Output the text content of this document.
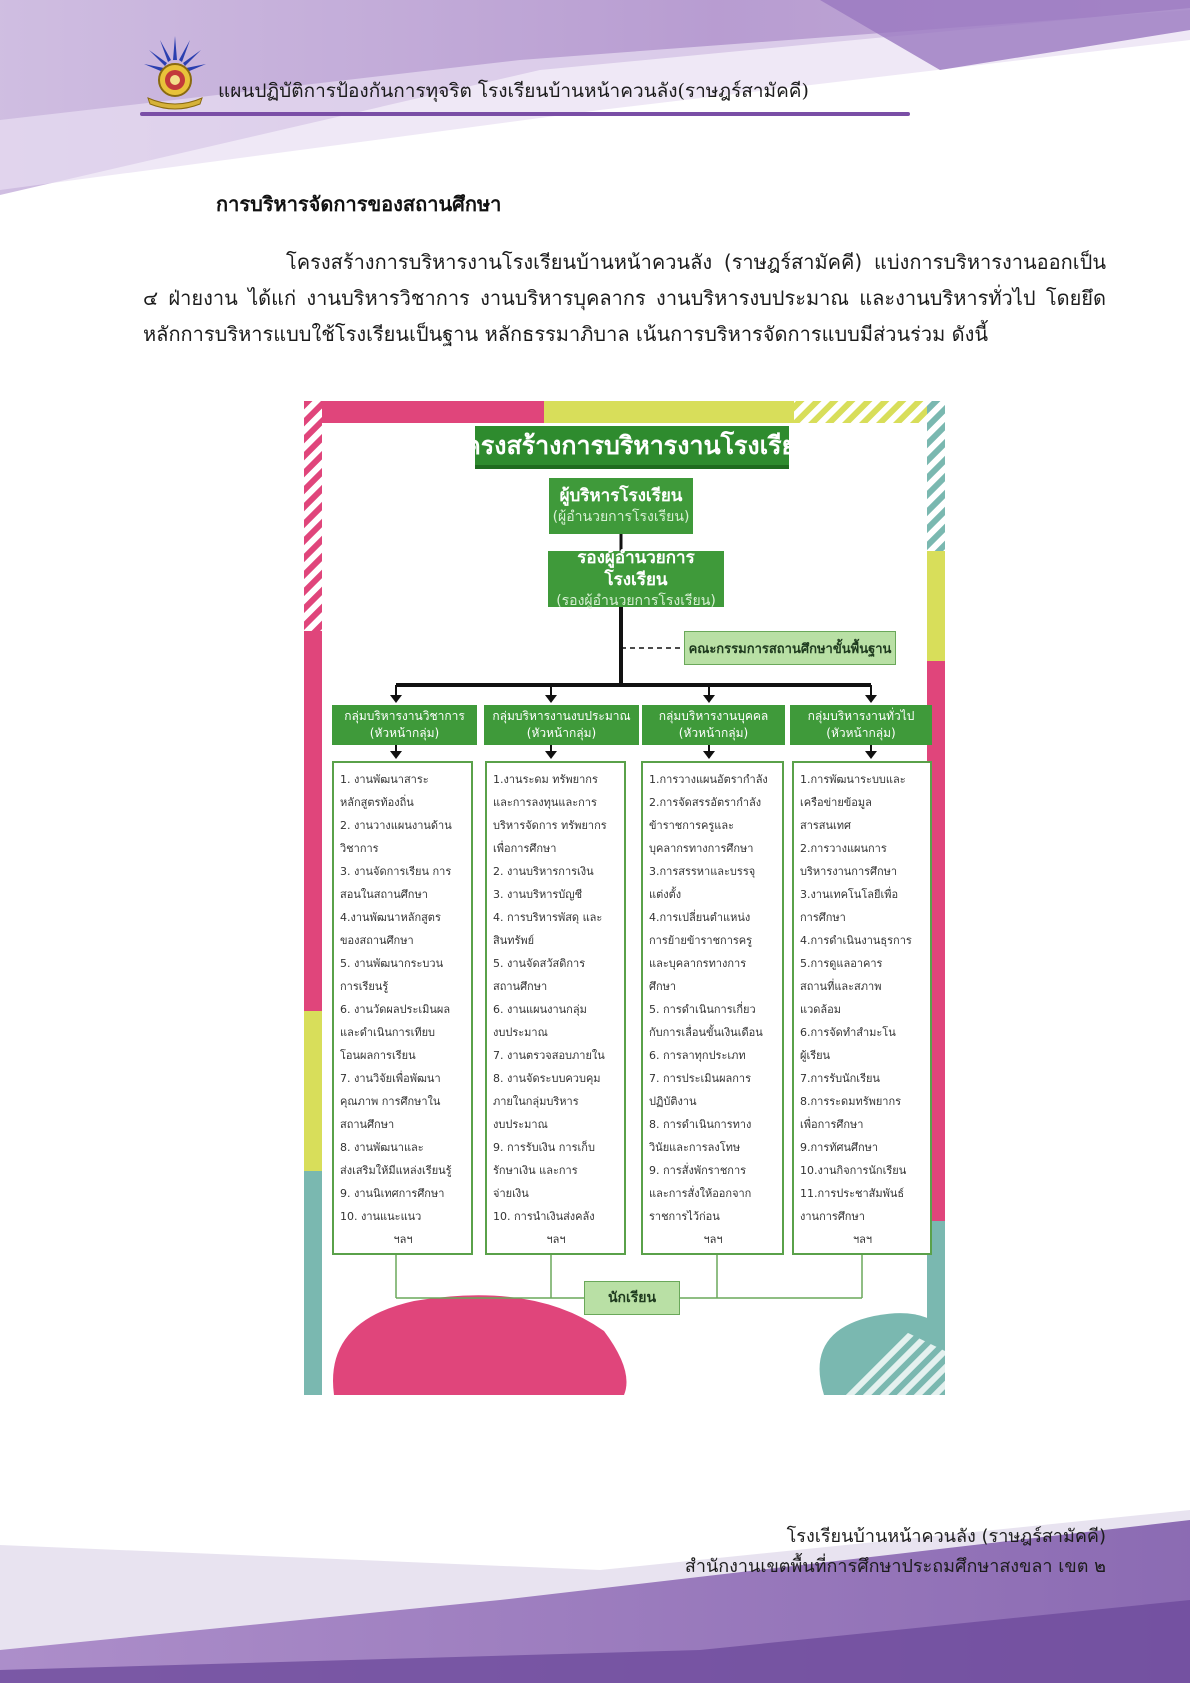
แผนปฏิบัติการป้องกันการทุจริต โรงเรียนบ้านหน้าควนลัง(ราษฎร์สามัคคี)
การบริหารจัดการของสถานศึกษา
โครงสร้างการบริหารงานโรงเรียนบ้านหน้าควนลัง (ราษฎร์สามัคคี) แบ่งการบริหารงานออกเป็น ๔ ฝ่ายงาน ได้แก่ งานบริหารวิชาการ งานบริหารบุคลากร งานบริหารงบประมาณ และงานบริหารทั่วไป โดยยึดหลักการบริหารแบบใช้โรงเรียนเป็นฐาน หลักธรรมาภิบาล เน้นการบริหารจัดการแบบมีส่วนร่วม ดังนี้
โครงสร้างการบริหารงานโรงเรียน
ผู้บริหารโรงเรียน
(ผู้อำนวยการโรงเรียน)
รองผู้อำนวยการโรงเรียน
(รองผู้อำนวยการโรงเรียน)
คณะกรรมการสถานศึกษาขั้นพื้นฐาน
กลุ่มบริหารงานวิชาการ
(หัวหน้ากลุ่ม)
กลุ่มบริหารงานงบประมาณ
(หัวหน้ากลุ่ม)
กลุ่มบริหารงานบุคคล
(หัวหน้ากลุ่ม)
กลุ่มบริหารงานทั่วไป
(หัวหน้ากลุ่ม)
1. งานพัฒนาสาระ
หลักสูตรท้องถิ่น
2. งานวางแผนงานด้าน
วิชาการ
3. งานจัดการเรียน การ
สอนในสถานศึกษา
4.งานพัฒนาหลักสูตร
ของสถานศึกษา
5. งานพัฒนากระบวน
การเรียนรู้
6. งานวัดผลประเมินผล
และดำเนินการเทียบ
โอนผลการเรียน
7. งานวิจัยเพื่อพัฒนา
คุณภาพ การศึกษาใน
สถานศึกษา
8. งานพัฒนาและ
ส่งเสริมให้มีแหล่งเรียนรู้
9. งานนิเทศการศึกษา
10. งานแนะแนว
ฯลฯ
1.งานระดม ทรัพยากร
และการลงทุนและการ
บริหารจัดการ ทรัพยากร
เพื่อการศึกษา
2. งานบริหารการเงิน
3. งานบริหารบัญชี
4. การบริหารพัสดุ และ
สินทรัพย์
5. งานจัดสวัสดิการ
สถานศึกษา
6. งานแผนงานกลุ่ม
งบประมาณ
7. งานตรวจสอบภายใน
8. งานจัดระบบควบคุม
ภายในกลุ่มบริหาร
งบประมาณ
9. การรับเงิน การเก็บ
รักษาเงิน และการ
จ่ายเงิน
10. การนำเงินส่งคลัง
ฯลฯ
1.การวางแผนอัตรากำลัง
2.การจัดสรรอัตรากำลัง
ข้าราชการครูและ
บุคลากรทางการศึกษา
3.การสรรหาและบรรจุ
แต่งตั้ง
4.การเปลี่ยนตำแหน่ง
การย้ายข้าราชการครู
และบุคลากรทางการ
ศึกษา
5. การดำเนินการเกี่ยว
กับการเลื่อนขั้นเงินเดือน
6. การลาทุกประเภท
7. การประเมินผลการ
ปฏิบัติงาน
8. การดำเนินการทาง
วินัยและการลงโทษ
9. การสั่งพักราชการ
และการสั่งให้ออกจาก
ราชการไว้ก่อน
ฯลฯ
1.การพัฒนาระบบและ
เครือข่ายข้อมูล
สารสนเทศ
2.การวางแผนการ
บริหารงานการศึกษา
3.งานเทคโนโลยีเพื่อ
การศึกษา
4.การดำเนินงานธุรการ
5.การดูแลอาคาร
สถานที่และสภาพ
แวดล้อม
6.การจัดทำสำมะโน
ผู้เรียน
7.การรับนักเรียน
8.การระดมทรัพยากร
เพื่อการศึกษา
9.การทัศนศึกษา
10.งานกิจการนักเรียน
11.การประชาสัมพันธ์
งานการศึกษา
ฯลฯ
นักเรียน
โรงเรียนบ้านหน้าควนลัง (ราษฎร์สามัคคี)
สำนักงานเขตพื้นที่การศึกษาประถมศึกษาสงขลา เขต ๒
